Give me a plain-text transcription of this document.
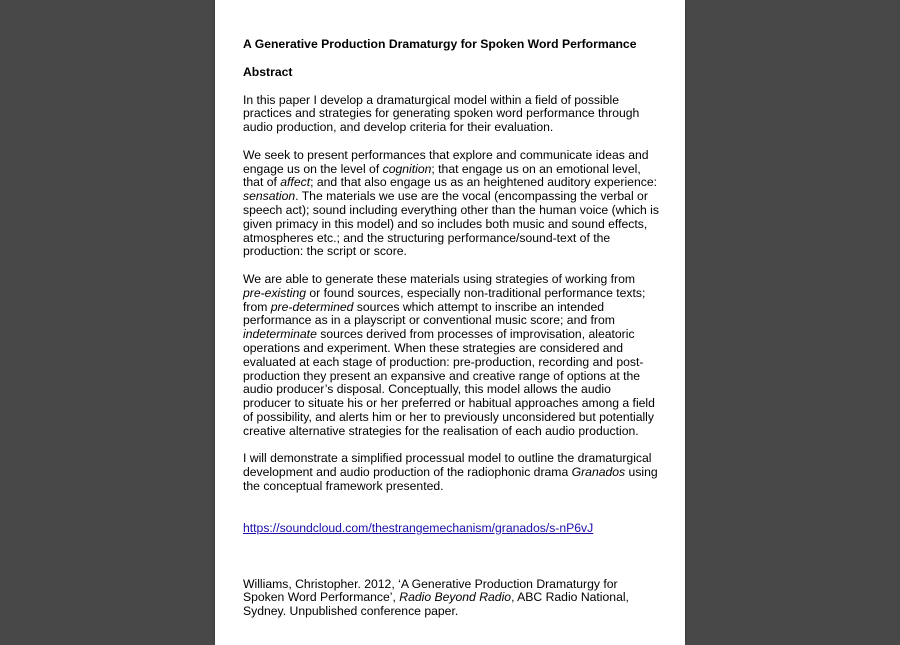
A Generative Production Dramaturgy for Spoken Word Performance
Abstract

In this paper I develop a dramaturgical model within a field of possible practices and strategies for generating spoken word performance through audio production, and develop criteria for their evaluation.

We seek to present performances that explore and communicate ideas and engage us on the level of cognition; that engage us on an emotional level, that of affect; and that also engage us as an heightened auditory experience: sensation. The materials we use are the vocal (encompassing the verbal or speech act); sound including everything other than the human voice (which is given primacy in this model) and so includes both music and sound effects, atmospheres etc.; and the structuring performance/sound-text of the production: the script or score.

We are able to generate these materials using strategies of working from pre-existing or found sources, especially non-traditional performance texts; from pre-determined sources which attempt to inscribe an intended performance as in a playscript or conventional music score; and from indeterminate sources derived from processes of improvisation, aleatoric operations and experiment. When these strategies are considered and evaluated at each stage of production: pre-production, recording and post-production they present an expansive and creative range of options at the audio producer’s disposal. Conceptually, this model allows the audio producer to situate his or her preferred or habitual approaches among a field of possibility, and alerts him or her to previously unconsidered but potentially creative alternative strategies for the realisation of each audio production.

I will demonstrate a simplified processual model to outline the dramaturgical development and audio production of the radiophonic drama Granados using the conceptual framework presented.

https://soundcloud.com/thestrangemechanism/granados/s-nP6vJ

Williams, Christopher. 2012, ‘A Generative Production Dramaturgy for Spoken Word Performance’, Radio Beyond Radio, ABC Radio National, Sydney. Unpublished conference paper.
